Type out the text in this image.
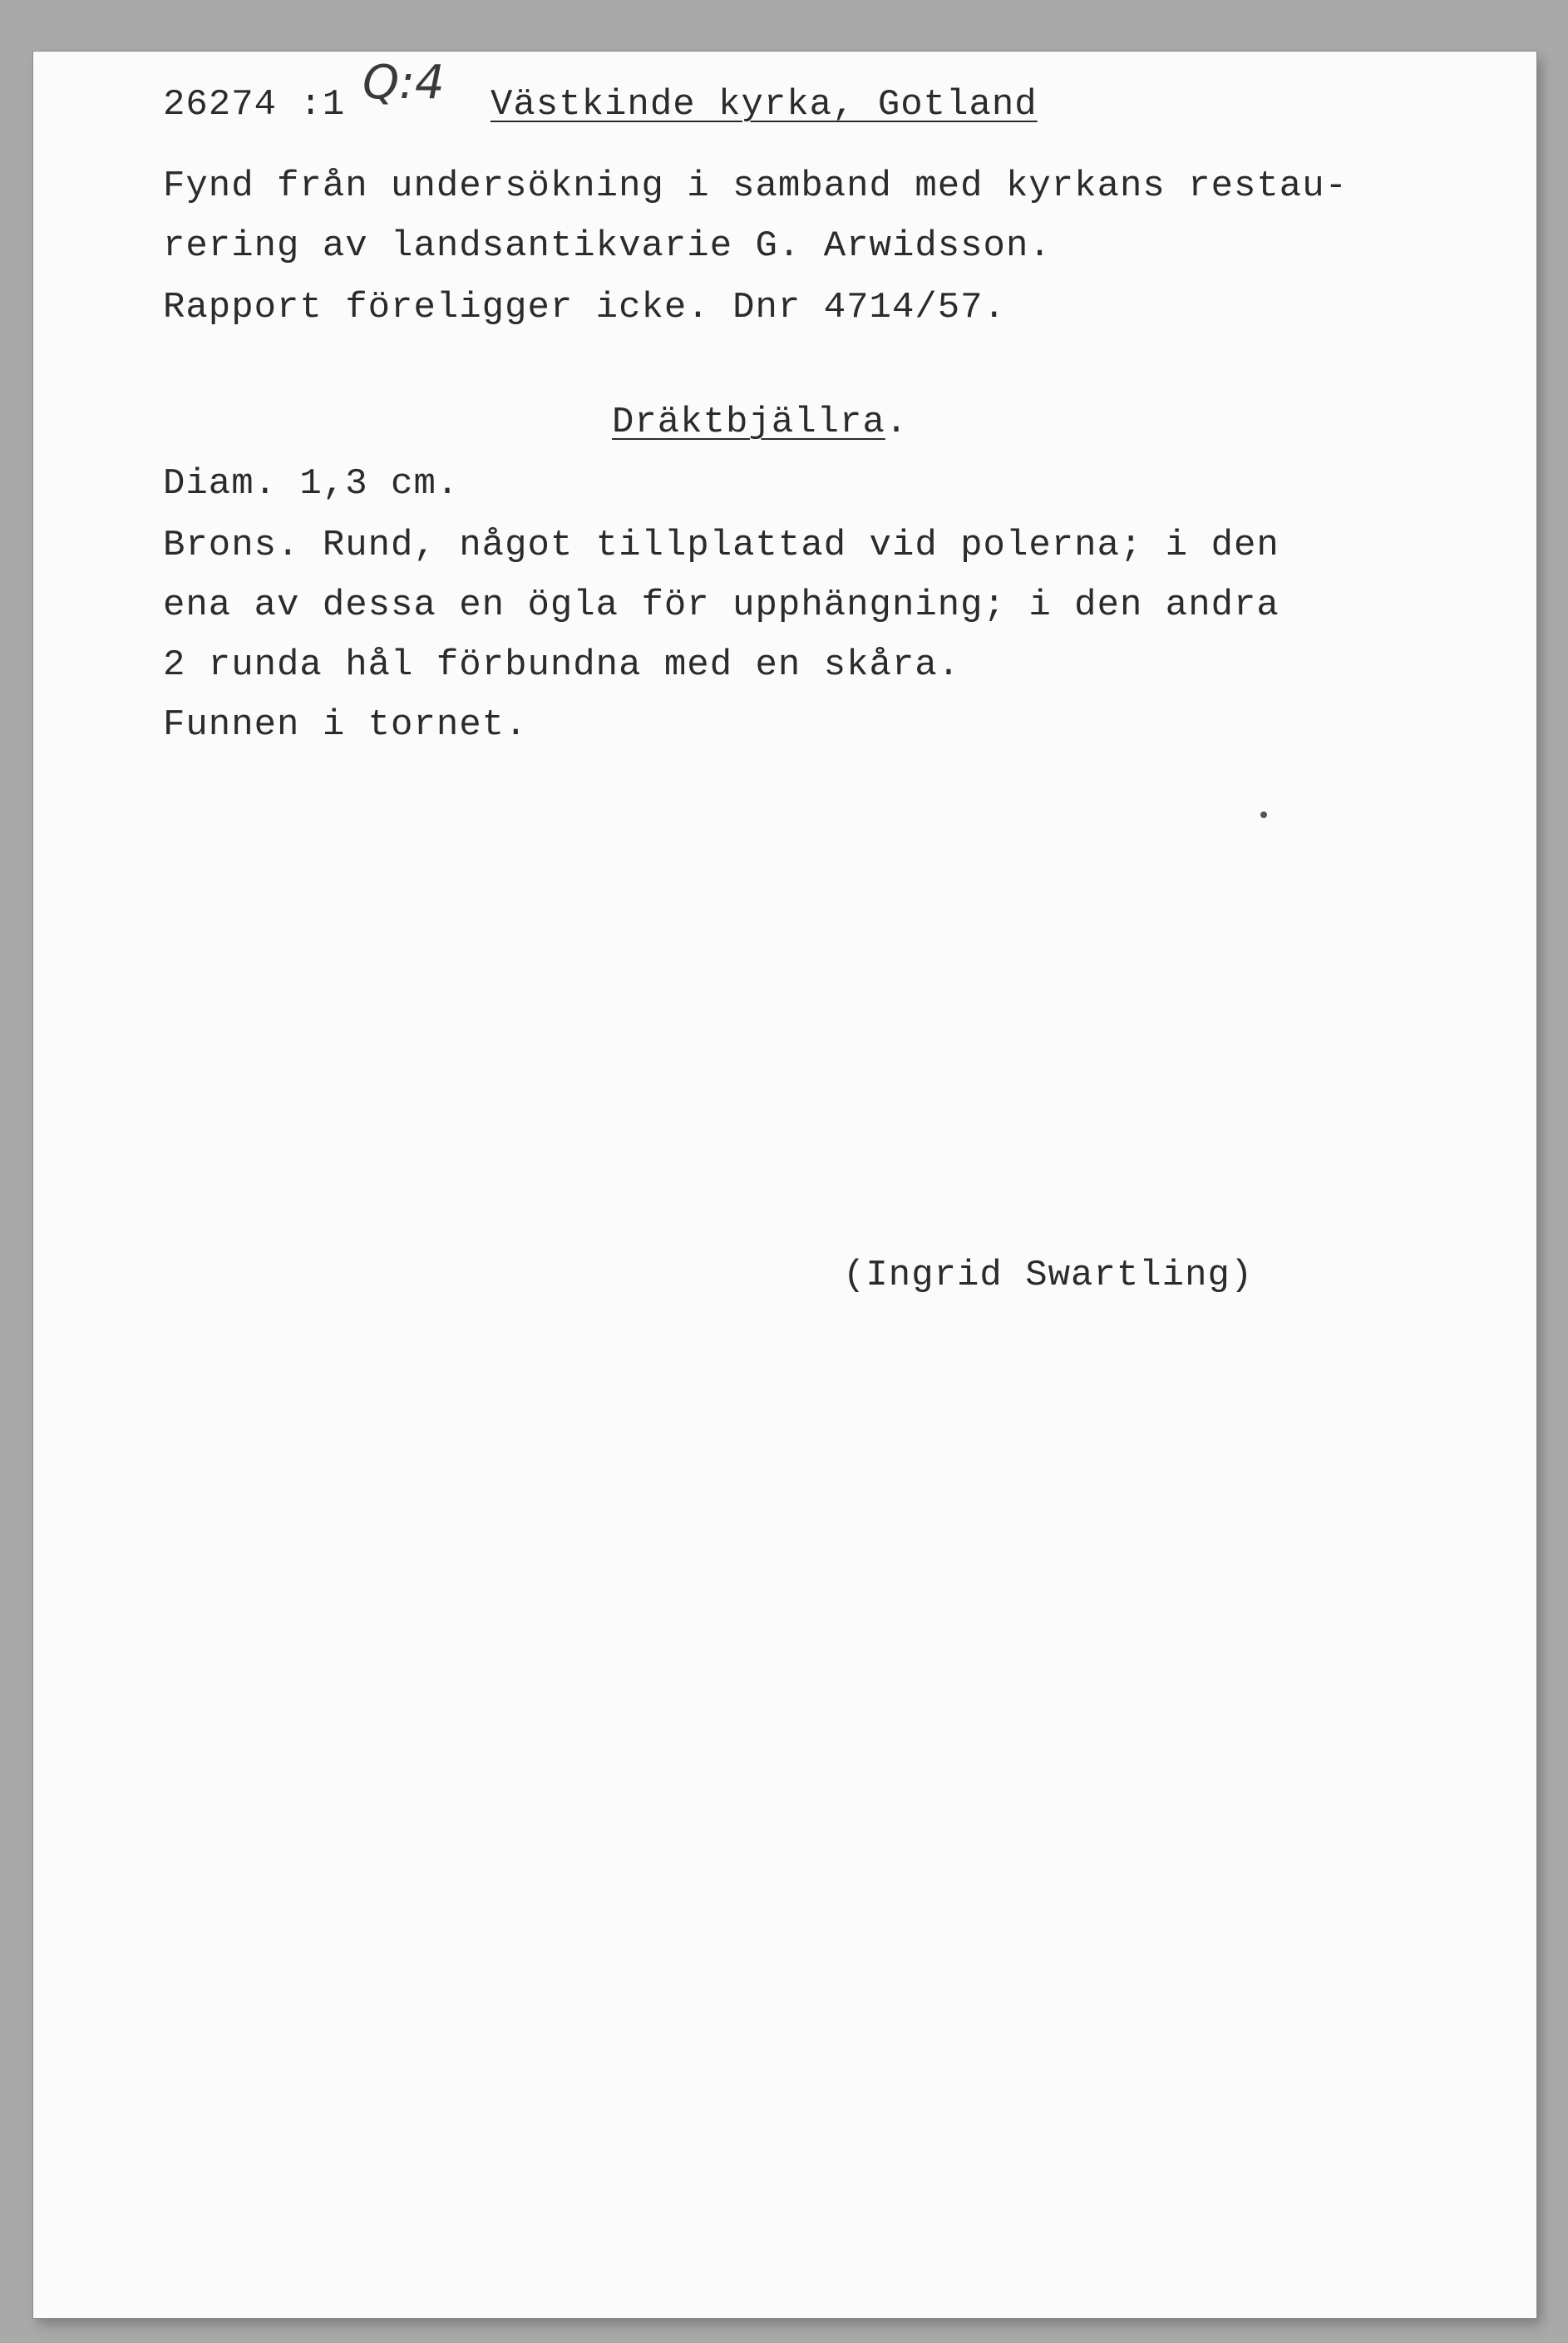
26274 :1 Q:4 Västkinde kyrka, Gotland
Fynd från undersökning i samband med kyrkans restau-
rering av landsantikvarie G. Arwidsson.
Rapport föreligger icke. Dnr 4714/57.
Dräktbjällra.
Diam. 1,3 cm.
Brons. Rund, något tillplattad vid polerna; i den
ena av dessa en ögla för upphängning; i den andra
2 runda hål förbundna med en skåra.
Funnen i tornet.
(Ingrid Swartling)
